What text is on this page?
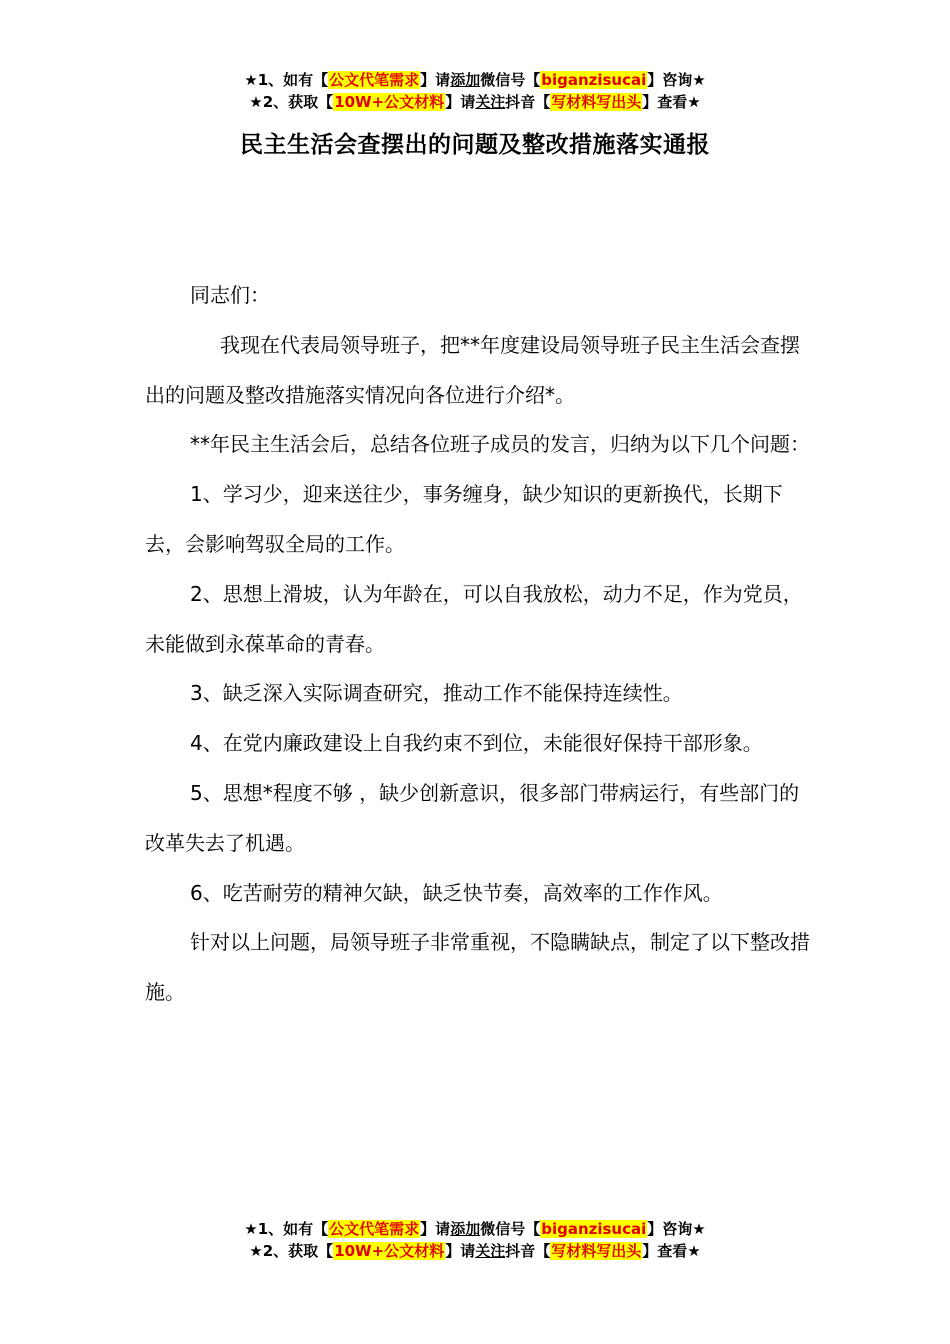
★1、如有【公文代笔需求】请添加微信号【biganzisucai】咨询★
★2、获取【10W+公文材料】请关注抖音【写材料写出头】查看★
民主生活会查摆出的问题及整改措施落实通报

同志们：

我现在代表局领导班子，把**年度建设局领导班子民主生活会查摆出的问题及整改措施落实情况向各位进行介绍*。

**年民主生活会后，总结各位班子成员的发言，归纳为以下几个问题：

1、学习少，迎来送往少，事务缠身，缺少知识的更新换代，长期下去，会影响驾驭全局的工作。

2、思想上滑坡，认为年龄在，可以自我放松，动力不足，作为党员，未能做到永葆革命的青春。

3、缺乏深入实际调查研究，推动工作不能保持连续性。

4、在党内廉政建设上自我约束不到位，未能很好保持干部形象。

5、思想*程度不够 ，缺少创新意识，很多部门带病运行，有些部门的改革失去了机遇。

6、吃苦耐劳的精神欠缺，缺乏快节奏，高效率的工作作风。

针对以上问题，局领导班子非常重视，不隐瞒缺点，制定了以下整改措施。

★1、如有【公文代笔需求】请添加微信号【biganzisucai】咨询★
★2、获取【10W+公文材料】请关注抖音【写材料写出头】查看★
